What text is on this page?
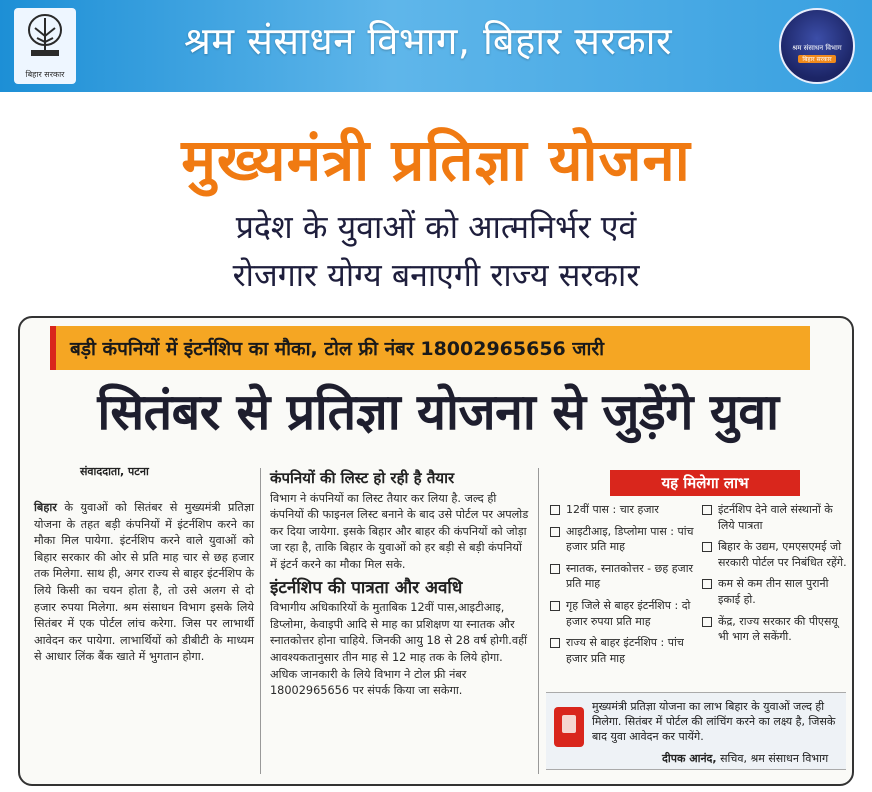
बिहार सरकार
श्रम संसाधन विभाग, बिहार सरकार	श्रम संसाधन विभाग
बिहार सरकार
मुख्यमंत्री प्रतिज्ञा योजना
प्रदेश के युवाओं को आत्मनिर्भर एवं
रोजगार योग्य बनाएगी राज्य सरकार
बड़ी कंपनियों में इंटर्नशिप का मौका, टोल फ्री नंबर 18002965656 जारी
सितंबर से प्रतिज्ञा योजना से जुड़ेंगे युवा
संवाददाता, पटना

बिहार के युवाओं को सितंबर से मुख्यमंत्री प्रतिज्ञा योजना के तहत बड़ी कंपनियों में इंटर्नशिप करने का मौका मिल पायेगा. इंटर्नशिप करने वाले युवाओं को बिहार सरकार की ओर से प्रति माह चार से छह हजार तक मिलेगा. साथ ही, अगर राज्य से बाहर इंटर्नशिप के लिये किसी का चयन होता है, तो उसे अलग से दो हजार रुपया मिलेगा. श्रम संसाधन विभाग इसके लिये सितंबर में एक पोर्टल लांच करेगा. जिस पर लाभार्थी आवेदन कर पायेगा. लाभार्थियों को डीबीटी के माध्यम से आधार लिंक बैंक खाते में भुगतान होगा.

कंपनियों की लिस्ट हो रही है तैयार

विभाग ने कंपनियों का लिस्ट तैयार कर लिया है. जल्द ही कंपनियों की फाइनल लिस्ट बनाने के बाद उसे पोर्टल पर अपलोड कर दिया जायेगा. इसके बिहार और बाहर की कंपनियों को जोड़ा जा रहा है, ताकि बिहार के युवाओं को हर बड़ी से बड़ी कंपनियों में इंटर्न करने का मौका मिल सके.

इंटर्नशिप की पात्रता और अवधि

विभागीय अधिकारियों के मुताबिक 12वीं पास,आइटीआइ, डिप्लोमा, केवाइपी आदि से माह का प्रशिक्षण या स्नातक और स्नातकोत्तर होना चाहिये. जिनकी आयु 18 से 28 वर्ष होगी.वहीं आवश्यकतानुसार तीन माह से 12 माह तक के लिये होगा. अधिक जानकारी के लिये विभाग ने टोल फ्री नंबर 18002965656 पर संपर्क किया जा सकेगा.

यह मिलेगा लाभ
12वीं पास : चार हजार
आइटीआइ, डिप्लोमा पास : पांच हजार प्रति माह
स्नातक, स्नातकोत्तर - छह हजार प्रति माह
गृह जिले से बाहर इंटर्नशिप : दो हजार रुपया प्रति माह
राज्य से बाहर इंटर्नशिप : पांच हजार प्रति माह
इंटर्नशिप देने वाले संस्थानों के लिये पात्रता
बिहार के उद्यम, एमएसएमई जो सरकारी पोर्टल पर निबंधित रहेंगे.
कम से कम तीन साल पुरानी इकाई हो.
केंद्र, राज्य सरकार की पीएसयू भी भाग ले सकेंगी.
मुख्यमंत्री प्रतिज्ञा योजना का लाभ बिहार के युवाओं जल्द ही मिलेगा. सितंबर में पोर्टल की लांचिंग करने का लक्ष्य है, जिसके बाद युवा आवेदन कर पायेंगे.
दीपक आनंद, सचिव, श्रम संसाधन विभाग
